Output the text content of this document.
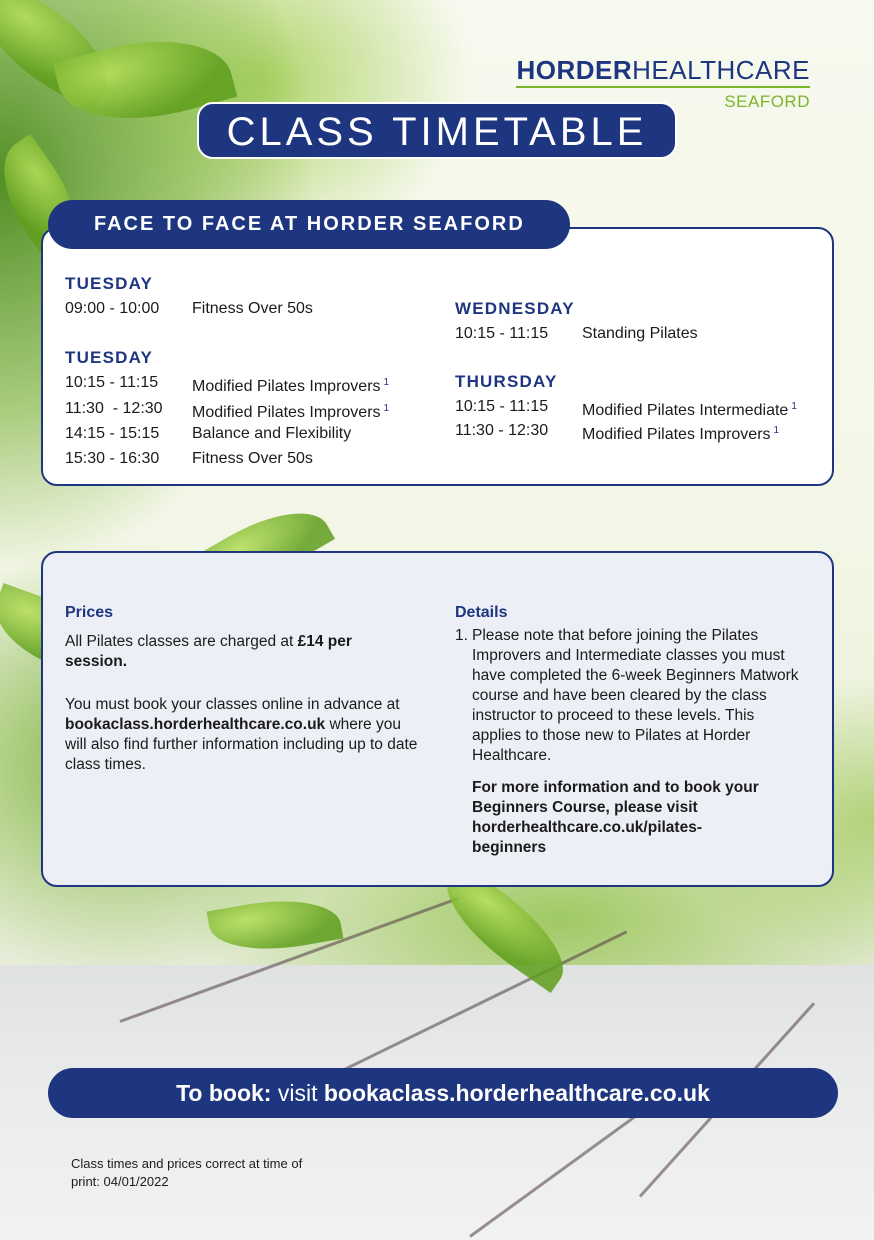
HORDERHEALTHCARE
SEAFORD
CLASS TIMETABLE
FACE TO FACE AT HORDER SEAFORD
TUESDAY
09:00 - 10:00 Fitness Over 50s
TUESDAY
10:15 - 11:15 Modified Pilates Improvers $^1$
11:30  - 12:30 Modified Pilates Improvers $^1$
14:15 - 15:15 Balance and Flexibility
15:30 - 16:30 Fitness Over 50s
WEDNESDAY
10:15 - 11:15 Standing Pilates
THURSDAY
10:15 - 11:15 Modified Pilates Intermediate $^1$
11:30 - 12:30 Modified Pilates Improvers $^1$
Prices
All Pilates classes are charged at £14 per session.
You must book your classes online in advance at bookaclass.horderhealthcare.co.uk where you will also find further information including up to date class times.
Details
1. Please note that before joining the Pilates Improvers and Intermediate classes you must have completed the 6-week Beginners Matwork course and have been cleared by the class instructor to proceed to these levels. This applies to those new to Pilates at Horder Healthcare.
For more information and to book your Beginners Course, please visit horderhealthcare.co.uk/pilates-beginners
To book: visit bookaclass.horderhealthcare.co.uk
Class times and prices correct at time of print: 04/01/2022
